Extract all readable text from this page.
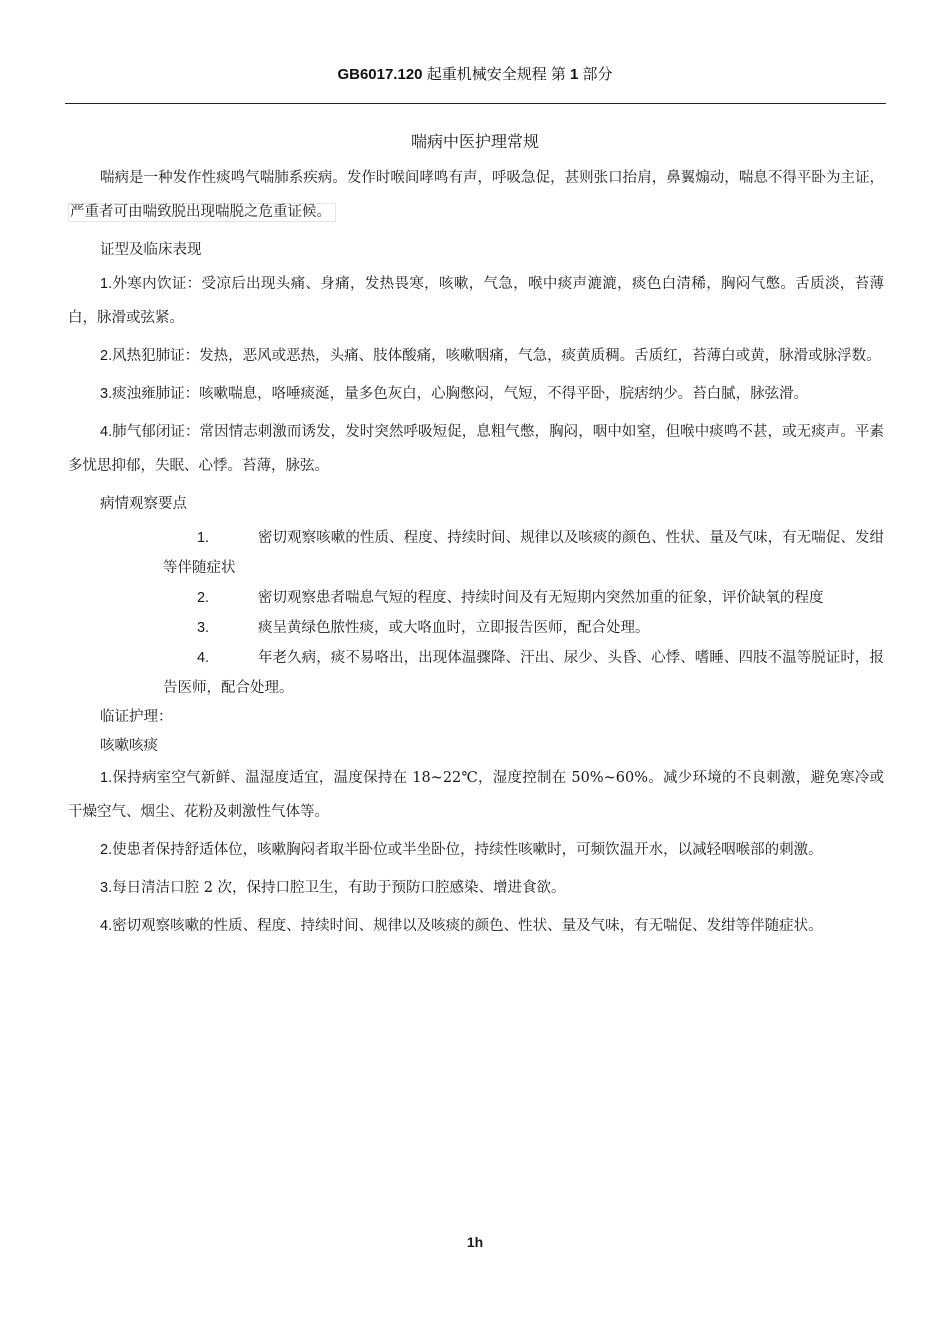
GB6017.120 起重机械安全规程 第 1 部分
喘病中医护理常规

喘病是一种发作性痰鸣气喘肺系疾病。发作时喉间哮鸣有声，呼吸急促，甚则张口抬肩，鼻翼煽动，喘息不得平卧为主证，严重者可由喘致脱出现喘脱之危重证候。

证型及临床表现

1.外寒内饮证：受凉后出现头痛、身痛，发热畏寒，咳嗽，气急，喉中痰声漉漉，痰色白清稀，胸闷气憋。舌质淡，苔薄白，脉滑或弦紧。

2.风热犯肺证：发热，恶风或恶热，头痛、肢体酸痛，咳嗽咽痛，气急，痰黄质稠。舌质红，苔薄白或黄，脉滑或脉浮数。

3.痰浊雍肺证：咳嗽喘息，咯唾痰涎，量多色灰白，心胸憋闷，气短，不得平卧，脘痞纳少。苔白腻，脉弦滑。

4.肺气郁闭证：常因情志刺激而诱发，发时突然呼吸短促，息粗气憋，胸闷，咽中如窒，但喉中痰鸣不甚，或无痰声。平素多忧思抑郁，失眠、心悸。苔薄，脉弦。

病情观察要点

1.	密切观察咳嗽的性质、程度、持续时间、规律以及咳痰的颜色、性状、量及气味，有无喘促、发绀等伴随症状
2.	密切观察患者喘息气短的程度、持续时间及有无短期内突然加重的征象，评价缺氧的程度
3.	痰呈黄绿色脓性痰，或大咯血时，立即报告医师，配合处理。
4.	年老久病，痰不易咯出，出现体温骤降、汗出、尿少、头昏、心悸、嗜睡、四肢不温等脱证时，报告医师，配合处理。

临证护理：

咳嗽咳痰

1.保持病室空气新鲜、温湿度适宜，温度保持在 18~22℃，湿度控制在 50%~60%。减少环境的不良刺激，避免寒冷或干燥空气、烟尘、花粉及刺激性气体等。

2.使患者保持舒适体位，咳嗽胸闷者取半卧位或半坐卧位，持续性咳嗽时，可频饮温开水，以减轻咽喉部的刺激。

3.每日清洁口腔 2 次，保持口腔卫生，有助于预防口腔感染、增进食欲。

4.密切观察咳嗽的性质、程度、持续时间、规律以及咳痰的颜色、性状、量及气味，有无喘促、发绀等伴随症状。

1h
